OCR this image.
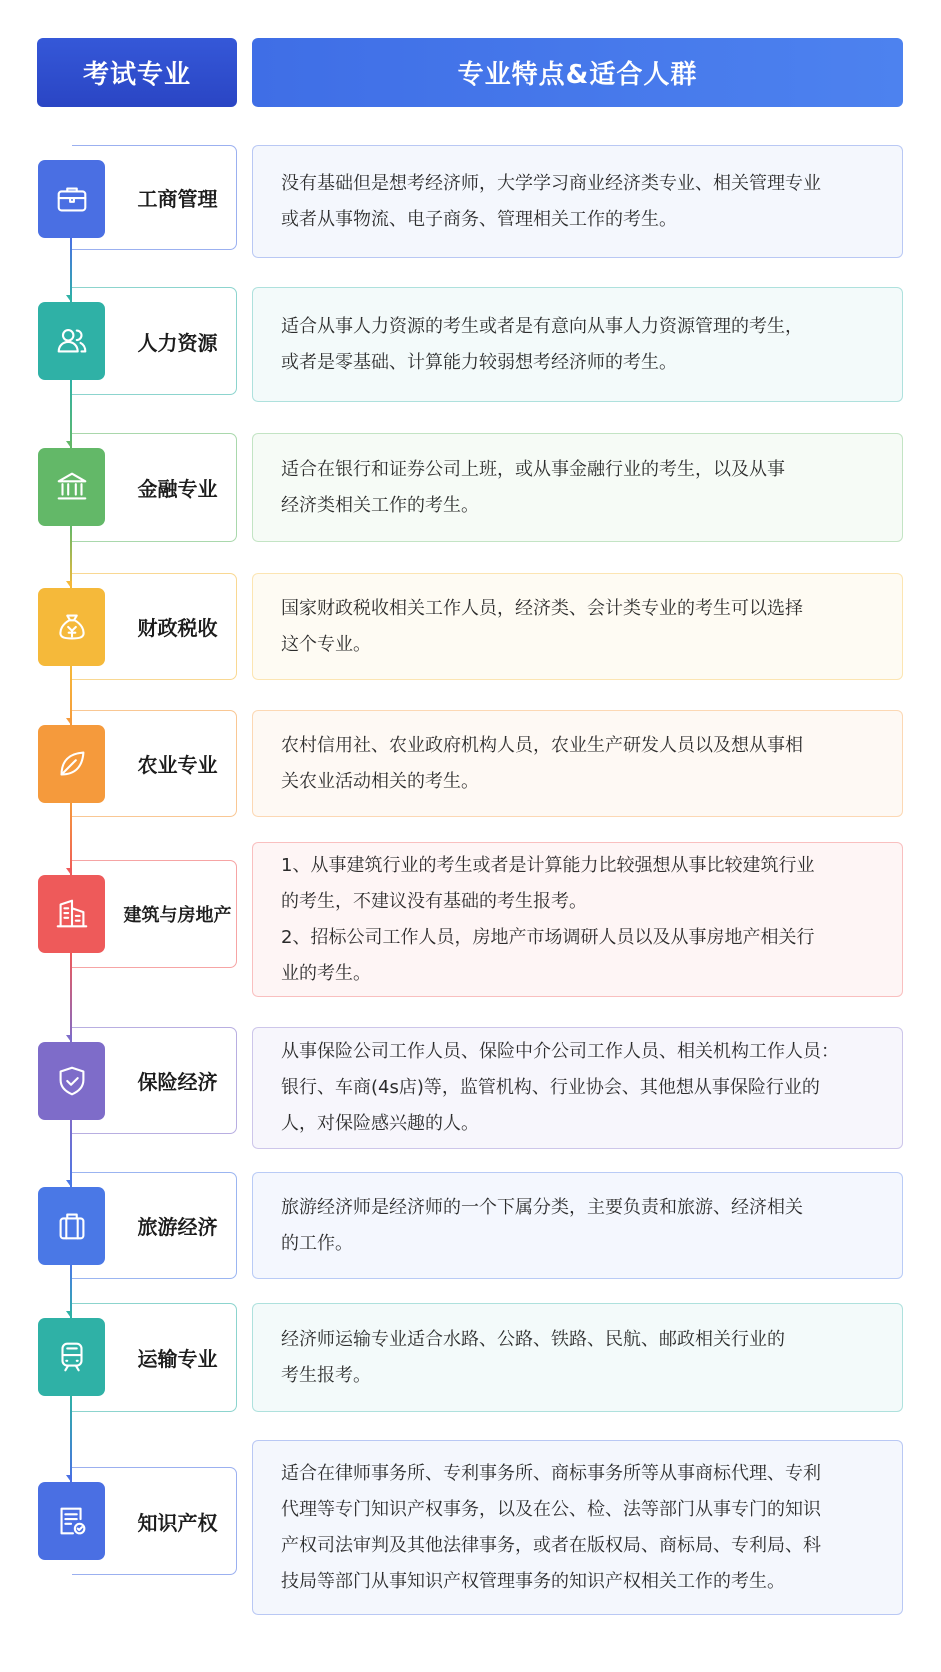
考试专业	专业特点&适合人群
工商管理

没有基础但是想考经济师，大学学习商业经济类专业、相关管理专业

或者从事物流、电子商务、管理相关工作的考生。

人力资源

适合从事人力资源的考生或者是有意向从事人力资源管理的考生，

或者是零基础、计算能力较弱想考经济师的考生。

金融专业

适合在银行和证券公司上班，或从事金融行业的考生，以及从事

经济类相关工作的考生。

财政税收

国家财政税收相关工作人员，经济类、会计类专业的考生可以选择

这个专业。

农业专业

农村信用社、农业政府机构人员，农业生产研发人员以及想从事相

关农业活动相关的考生。

建筑与房地产

1、从事建筑行业的考生或者是计算能力比较强想从事比较建筑行业

的考生，不建议没有基础的考生报考。

2、招标公司工作人员，房地产市场调研人员以及从事房地产相关行

业的考生。

保险经济

从事保险公司工作人员、保险中介公司工作人员、相关机构工作人员：

银行、车商(4s店)等，监管机构、行业协会、其他想从事保险行业的

人，对保险感兴趣的人。

旅游经济

旅游经济师是经济师的一个下属分类，主要负责和旅游、经济相关

的工作。

运输专业

经济师运输专业适合水路、公路、铁路、民航、邮政相关行业的

考生报考。

知识产权

适合在律师事务所、专利事务所、商标事务所等从事商标代理、专利

代理等专门知识产权事务，以及在公、检、法等部门从事专门的知识

产权司法审判及其他法律事务，或者在版权局、商标局、专利局、科

技局等部门从事知识产权管理事务的知识产权相关工作的考生。
